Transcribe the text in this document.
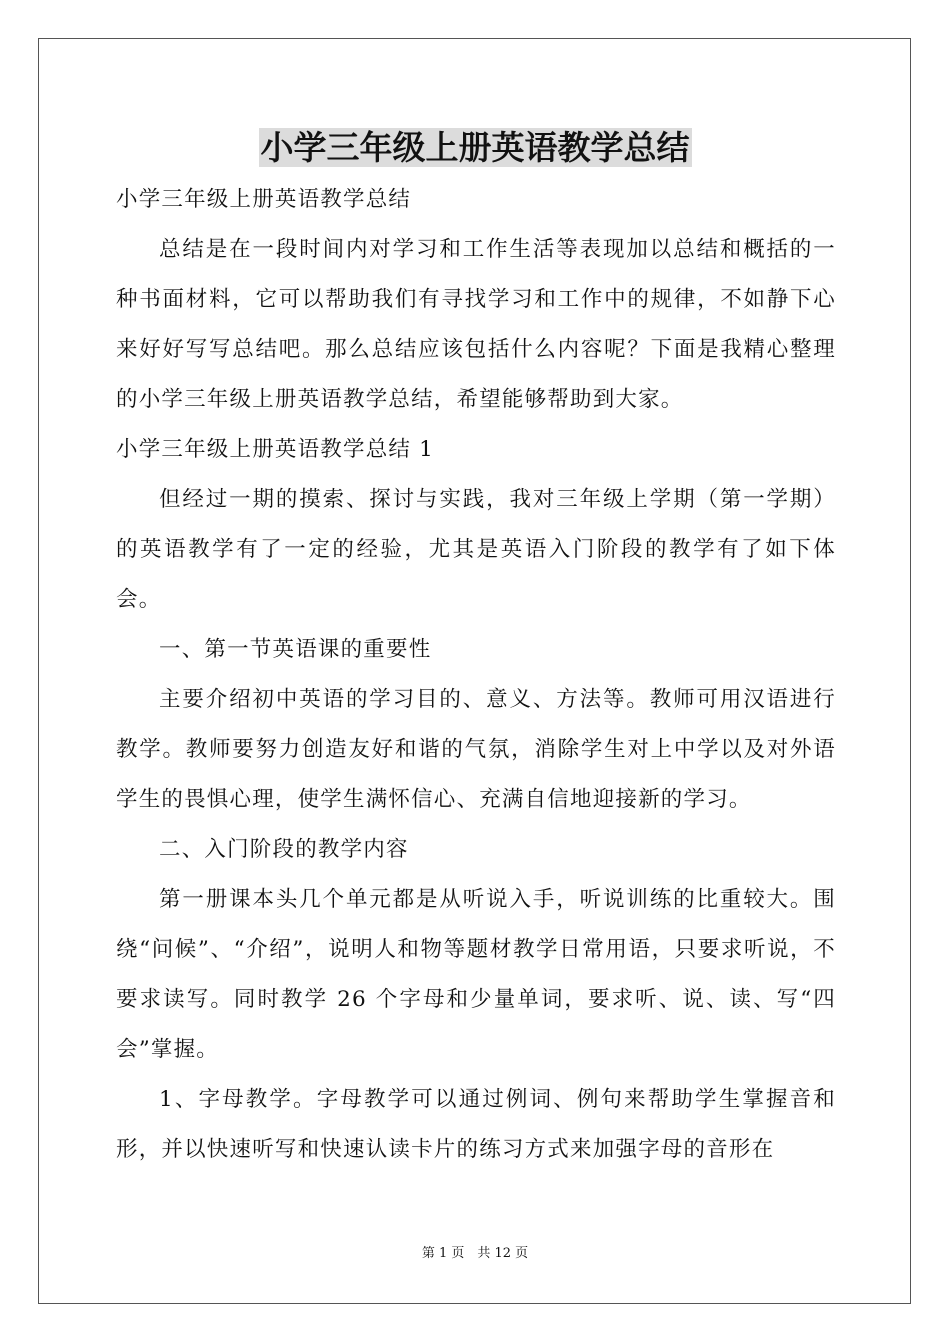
小学三年级上册英语教学总结

小学三年级上册英语教学总结

总结是在一段时间内对学习和工作生活等表现加以总结和概括的一种书面材料，它可以帮助我们有寻找学习和工作中的规律，不如静下心来好好写写总结吧。那么总结应该包括什么内容呢？下面是我精心整理的小学三年级上册英语教学总结，希望能够帮助到大家。

小学三年级上册英语教学总结 1

但经过一期的摸索、探讨与实践，我对三年级上学期（第一学期）的英语教学有了一定的经验，尤其是英语入门阶段的教学有了如下体会。

一、第一节英语课的重要性

主要介绍初中英语的学习目的、意义、方法等。教师可用汉语进行教学。教师要努力创造友好和谐的气氛，消除学生对上中学以及对外语学生的畏惧心理，使学生满怀信心、充满自信地迎接新的学习。

二、入门阶段的教学内容

第一册课本头几个单元都是从听说入手，听说训练的比重较大。围绕“问候”、“介绍”，说明人和物等题材教学日常用语，只要求听说，不要求读写。同时教学 26 个字母和少量单词，要求听、说、读、写“四会”掌握。

1、字母教学。字母教学可以通过例词、例句来帮助学生掌握音和形，并以快速听写和快速认读卡片的练习方式来加强字母的音形在

第 1 页　共 12 页
